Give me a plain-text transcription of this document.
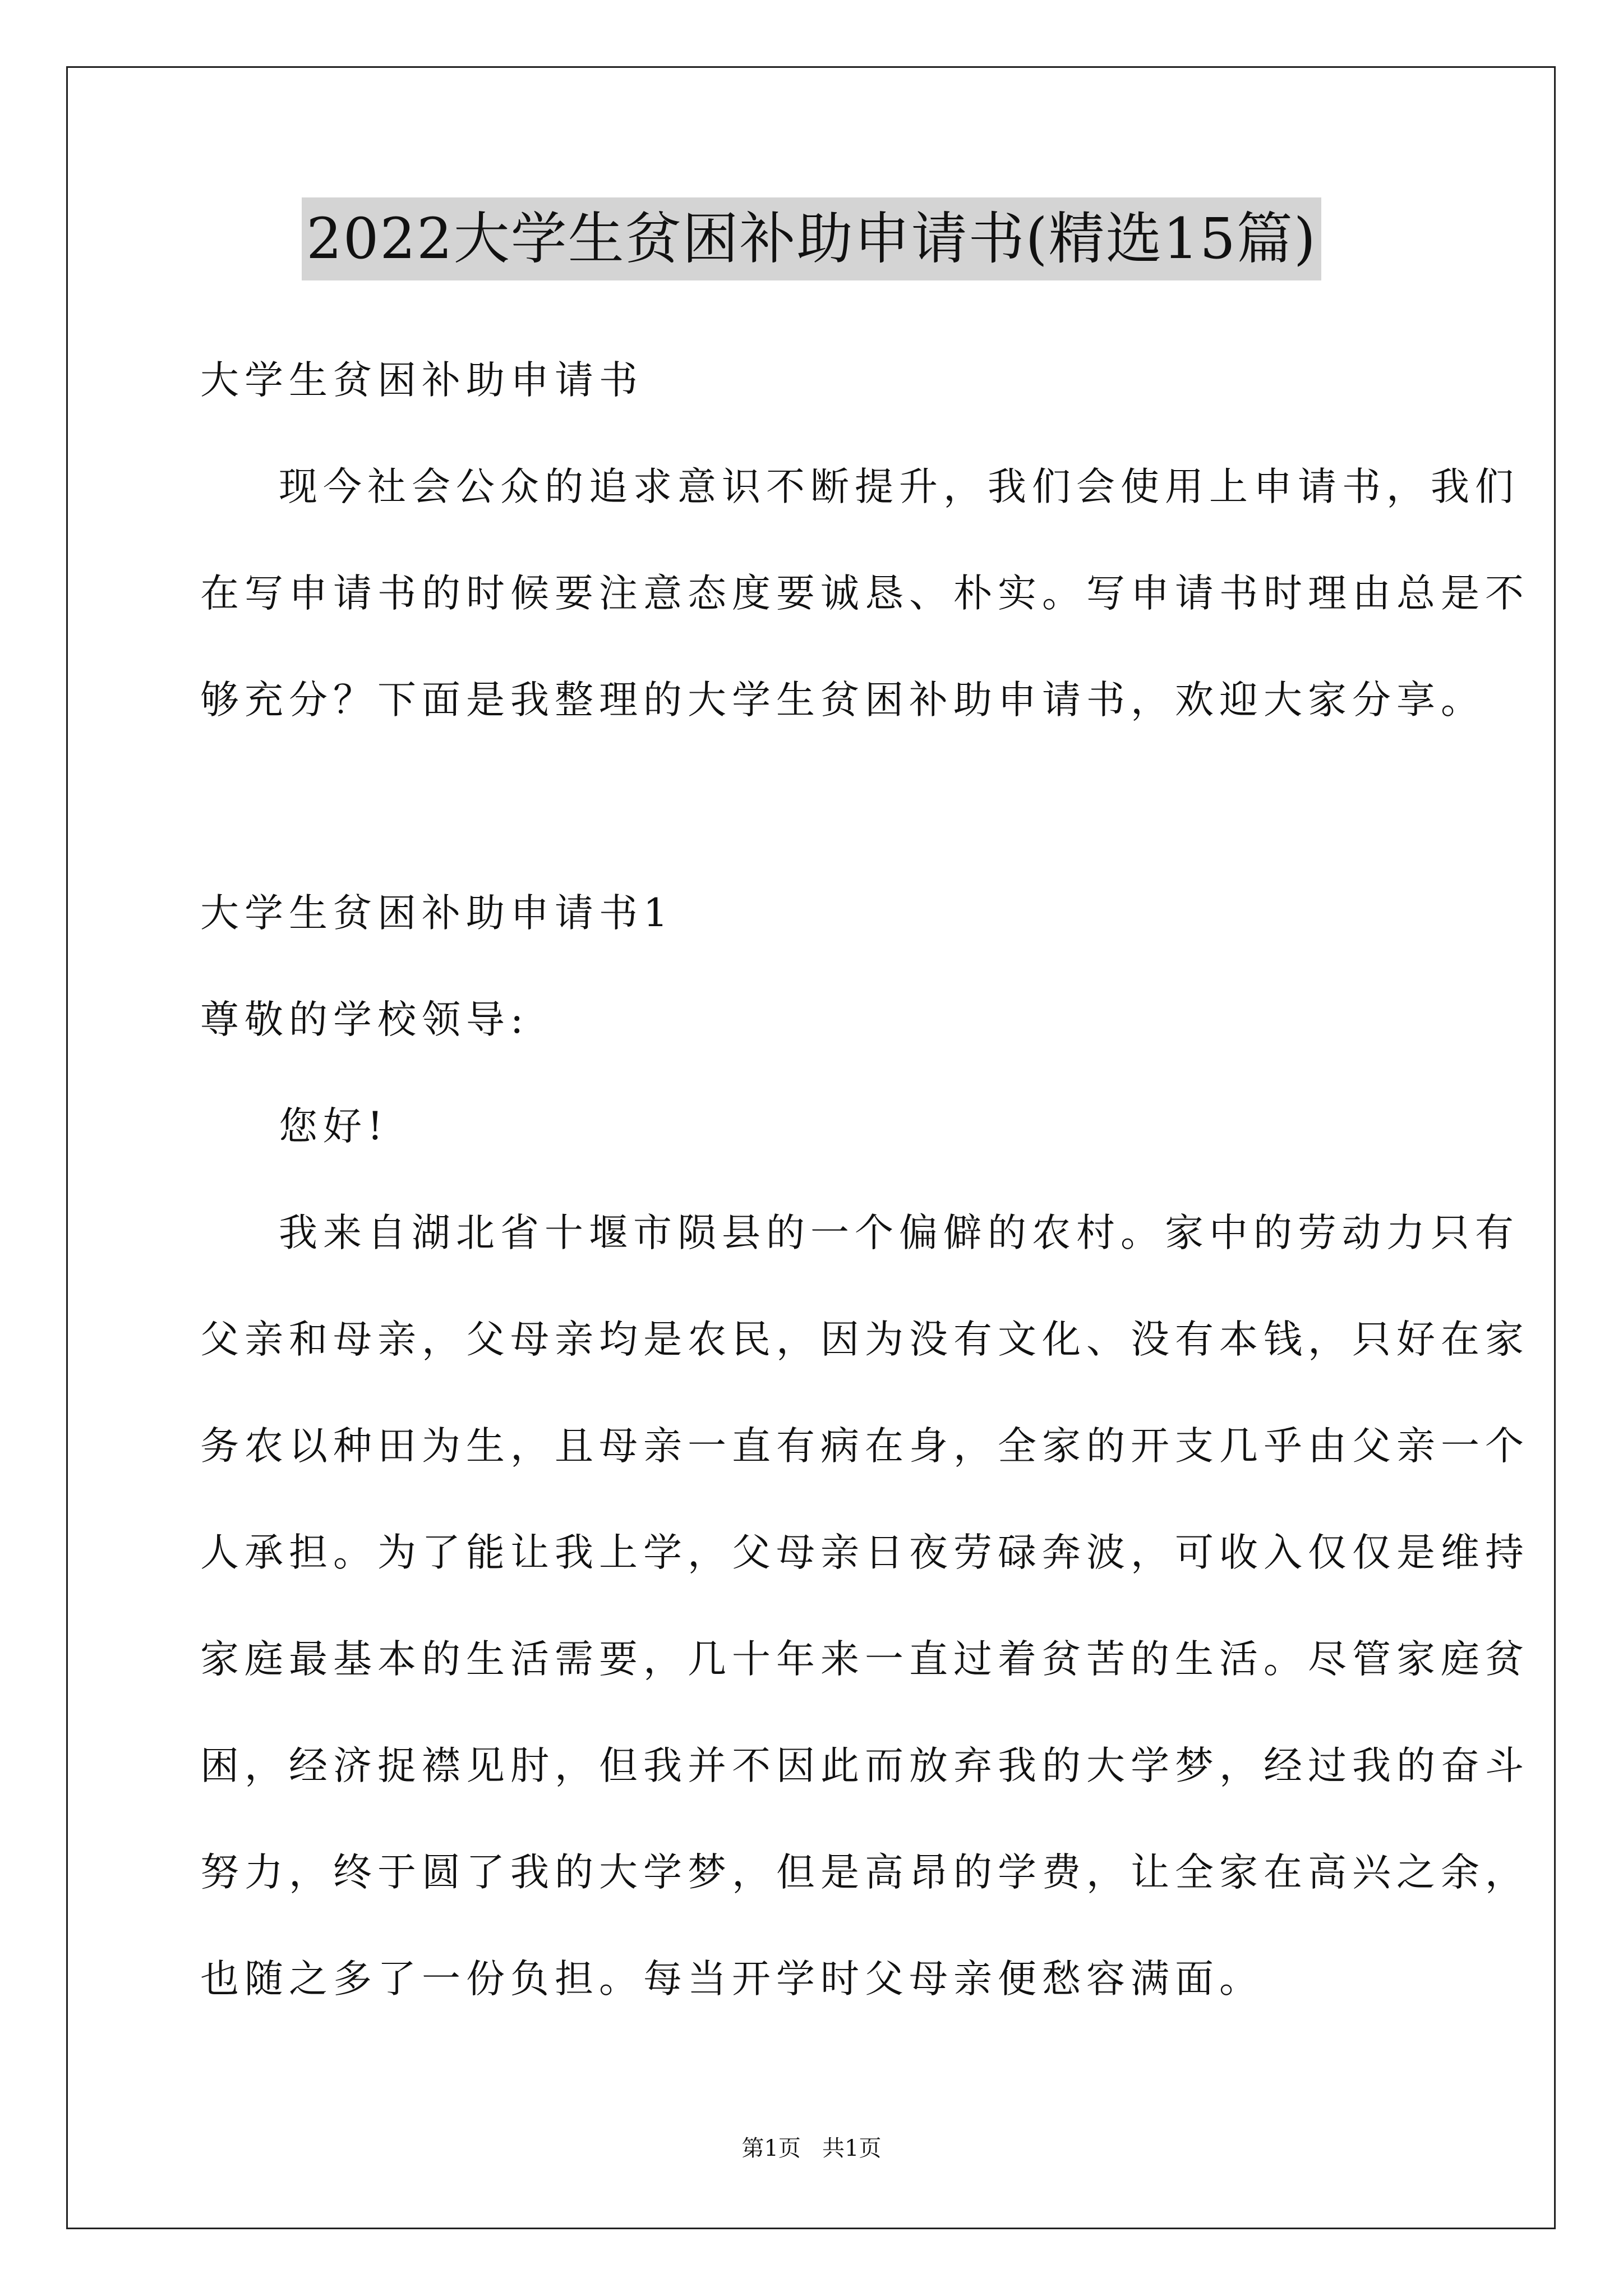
2022大学生贫困补助申请书(精选15篇)
大学生贫困补助申请书
现今社会公众的追求意识不断提升，我们会使用上申请书，我们
在写申请书的时候要注意态度要诚恳、朴实。写申请书时理由总是不
够充分？下面是我整理的大学生贫困补助申请书，欢迎大家分享。
大学生贫困补助申请书1
尊敬的学校领导:
您好!
我来自湖北省十堰市陨县的一个偏僻的农村。家中的劳动力只有
父亲和母亲，父母亲均是农民，因为没有文化、没有本钱，只好在家
务农以种田为生，且母亲一直有病在身，全家的开支几乎由父亲一个
人承担。为了能让我上学，父母亲日夜劳碌奔波，可收入仅仅是维持
家庭最基本的生活需要，几十年来一直过着贫苦的生活。尽管家庭贫
困，经济捉襟见肘，但我并不因此而放弃我的大学梦，经过我的奋斗
努力，终于圆了我的大学梦，但是高昂的学费，让全家在高兴之余，
也随之多了一份负担。每当开学时父母亲便愁容满面。
第1页   共1页
